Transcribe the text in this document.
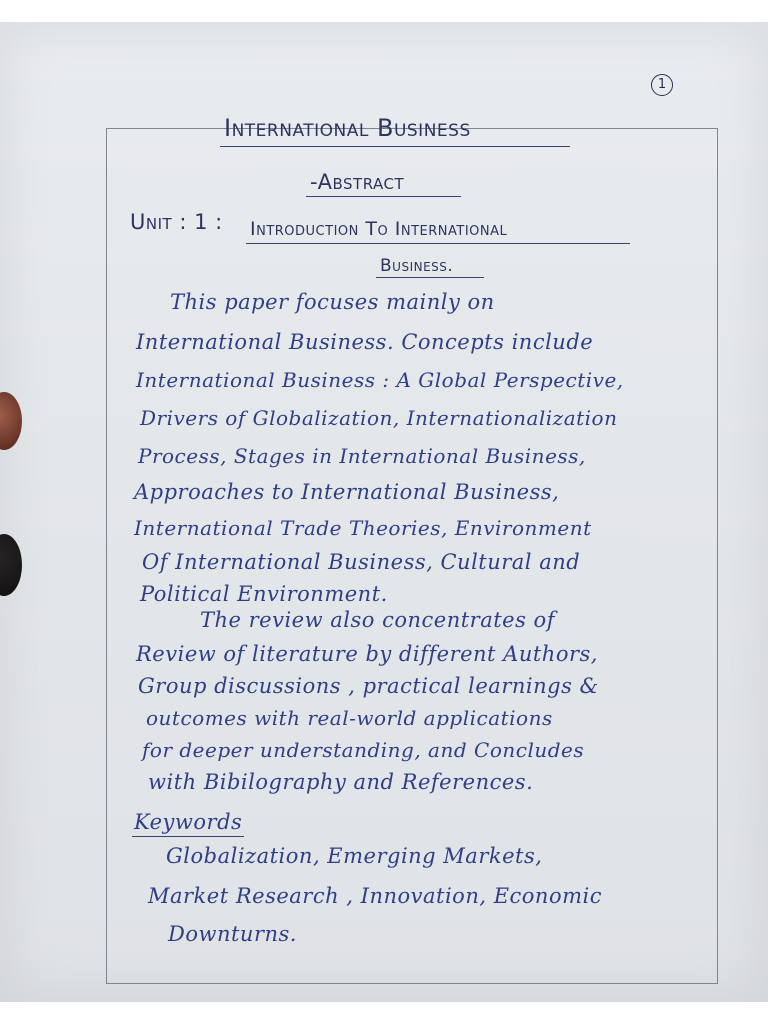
1
International Business
-Abstract
Unit : 1 : Introduction To International
Business.
This paper focuses mainly on
International Business. Concepts include
International Business : A Global Perspective,
Drivers of Globalization, Internationalization
Process, Stages in International Business,
Approaches to International Business,
International Trade Theories, Environment
Of International Business, Cultural and
Political Environment.
The review also concentrates of
Review of literature by different Authors,
Group discussions , practical learnings &
outcomes with real-world applications
for deeper understanding, and Concludes
with Bibilography and References.
Keywords
Globalization, Emerging Markets,
Market Research , Innovation, Economic
Downturns.
